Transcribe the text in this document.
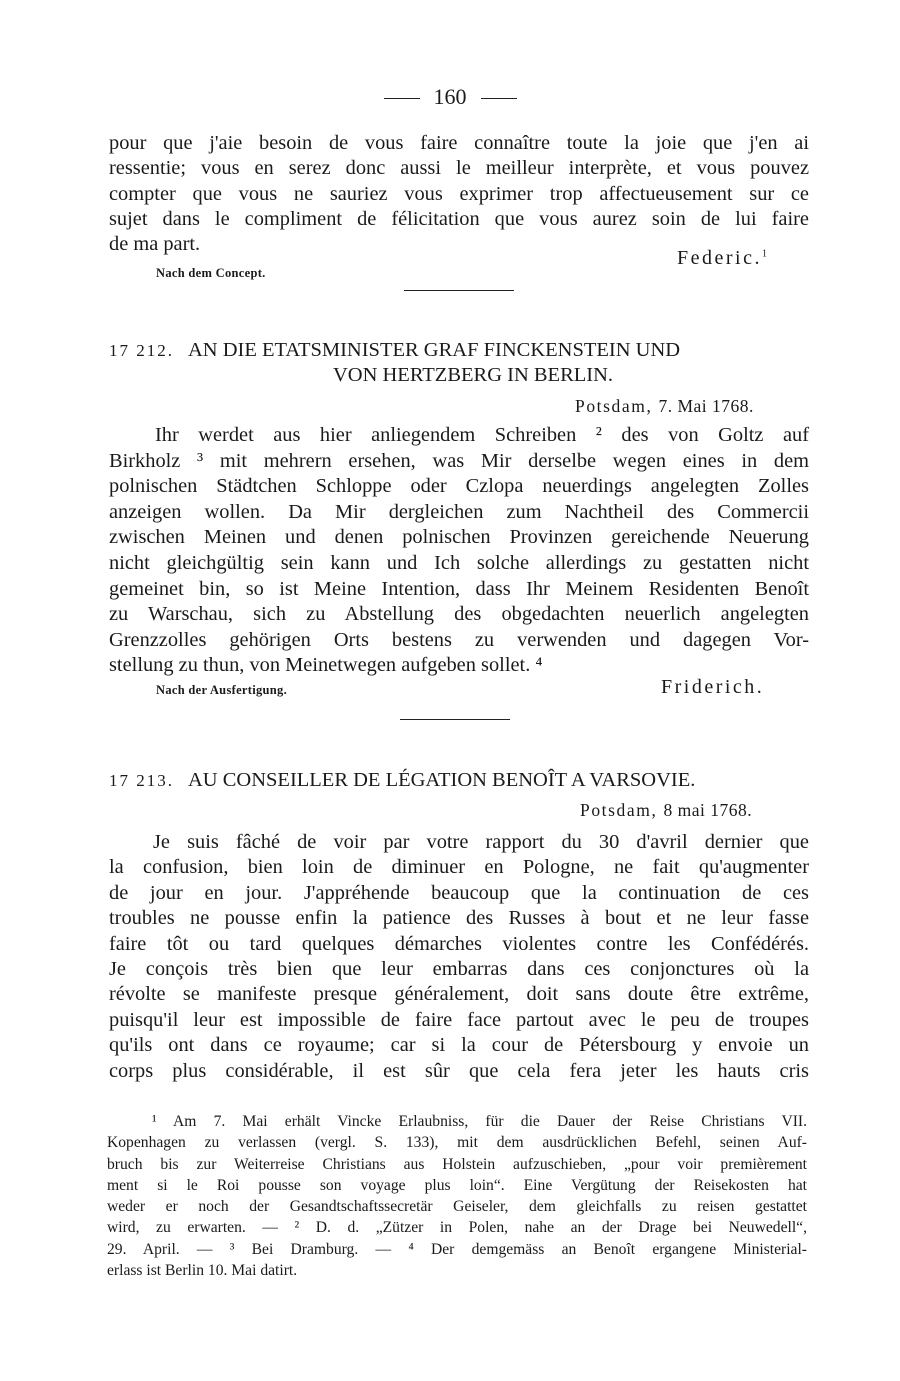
160
pour que j'aie besoin de vous faire connaître toute la joie que j'en ai
ressentie; vous en serez donc aussi le meilleur interprète, et vous pouvez
compter que vous ne sauriez vous exprimer trop affectueusement sur ce
sujet dans le compliment de félicitation que vous aurez soin de lui faire
de ma part.
Federic.$^1$
Nach dem Concept.
17 212. AN DIE ETATSMINISTER GRAF FINCKENSTEIN UND
VON HERTZBERG IN BERLIN.
Potsdam, 7. Mai 1768.
Ihr werdet aus hier anliegendem Schreiben ² des von Goltz auf
Birkholz ³ mit mehrern ersehen, was Mir derselbe wegen eines in dem
polnischen Städtchen Schloppe oder Czlopa neuerdings angelegten Zolles
anzeigen wollen. Da Mir dergleichen zum Nachtheil des Commercii
zwischen Meinen und denen polnischen Provinzen gereichende Neuerung
nicht gleichgültig sein kann und Ich solche allerdings zu gestatten nicht
gemeinet bin, so ist Meine Intention, dass Ihr Meinem Residenten Benoît
zu Warschau, sich zu Abstellung des obgedachten neuerlich angelegten
Grenzzolles gehörigen Orts bestens zu verwenden und dagegen Vor-
stellung zu thun, von Meinetwegen aufgeben sollet. ⁴
Nach der Ausfertigung.	Friderich.
17 213. AU CONSEILLER DE LÉGATION BENOÎT A VARSOVIE.
Potsdam, 8 mai 1768.
Je suis fâché de voir par votre rapport du 30 d'avril dernier que
la confusion, bien loin de diminuer en Pologne, ne fait qu'augmenter
de jour en jour. J'appréhende beaucoup que la continuation de ces
troubles ne pousse enfin la patience des Russes à bout et ne leur fasse
faire tôt ou tard quelques démarches violentes contre les Confédérés.
Je conçois très bien que leur embarras dans ces conjonctures où la
révolte se manifeste presque généralement, doit sans doute être extrême,
puisqu'il leur est impossible de faire face partout avec le peu de troupes
qu'ils ont dans ce royaume; car si la cour de Pétersbourg y envoie un
corps plus considérable, il est sûr que cela fera jeter les hauts cris
¹ Am 7. Mai erhält Vincke Erlaubniss, für die Dauer der Reise Christians VII.
Kopenhagen zu verlassen (vergl. S. 133), mit dem ausdrücklichen Befehl, seinen Auf-
bruch bis zur Weiterreise Christians aus Holstein aufzuschieben, „pour voir premièrement
ment si le Roi pousse son voyage plus loin“. Eine Vergütung der Reisekosten hat
weder er noch der Gesandtschaftssecretär Geiseler, dem gleichfalls zu reisen gestattet
wird, zu erwarten. — ² D. d. „Zützer in Polen, nahe an der Drage bei Neuwedell“,
29. April. — ³ Bei Dramburg. — ⁴ Der demgemäss an Benoît ergangene Ministerial-
erlass ist Berlin 10. Mai datirt.
